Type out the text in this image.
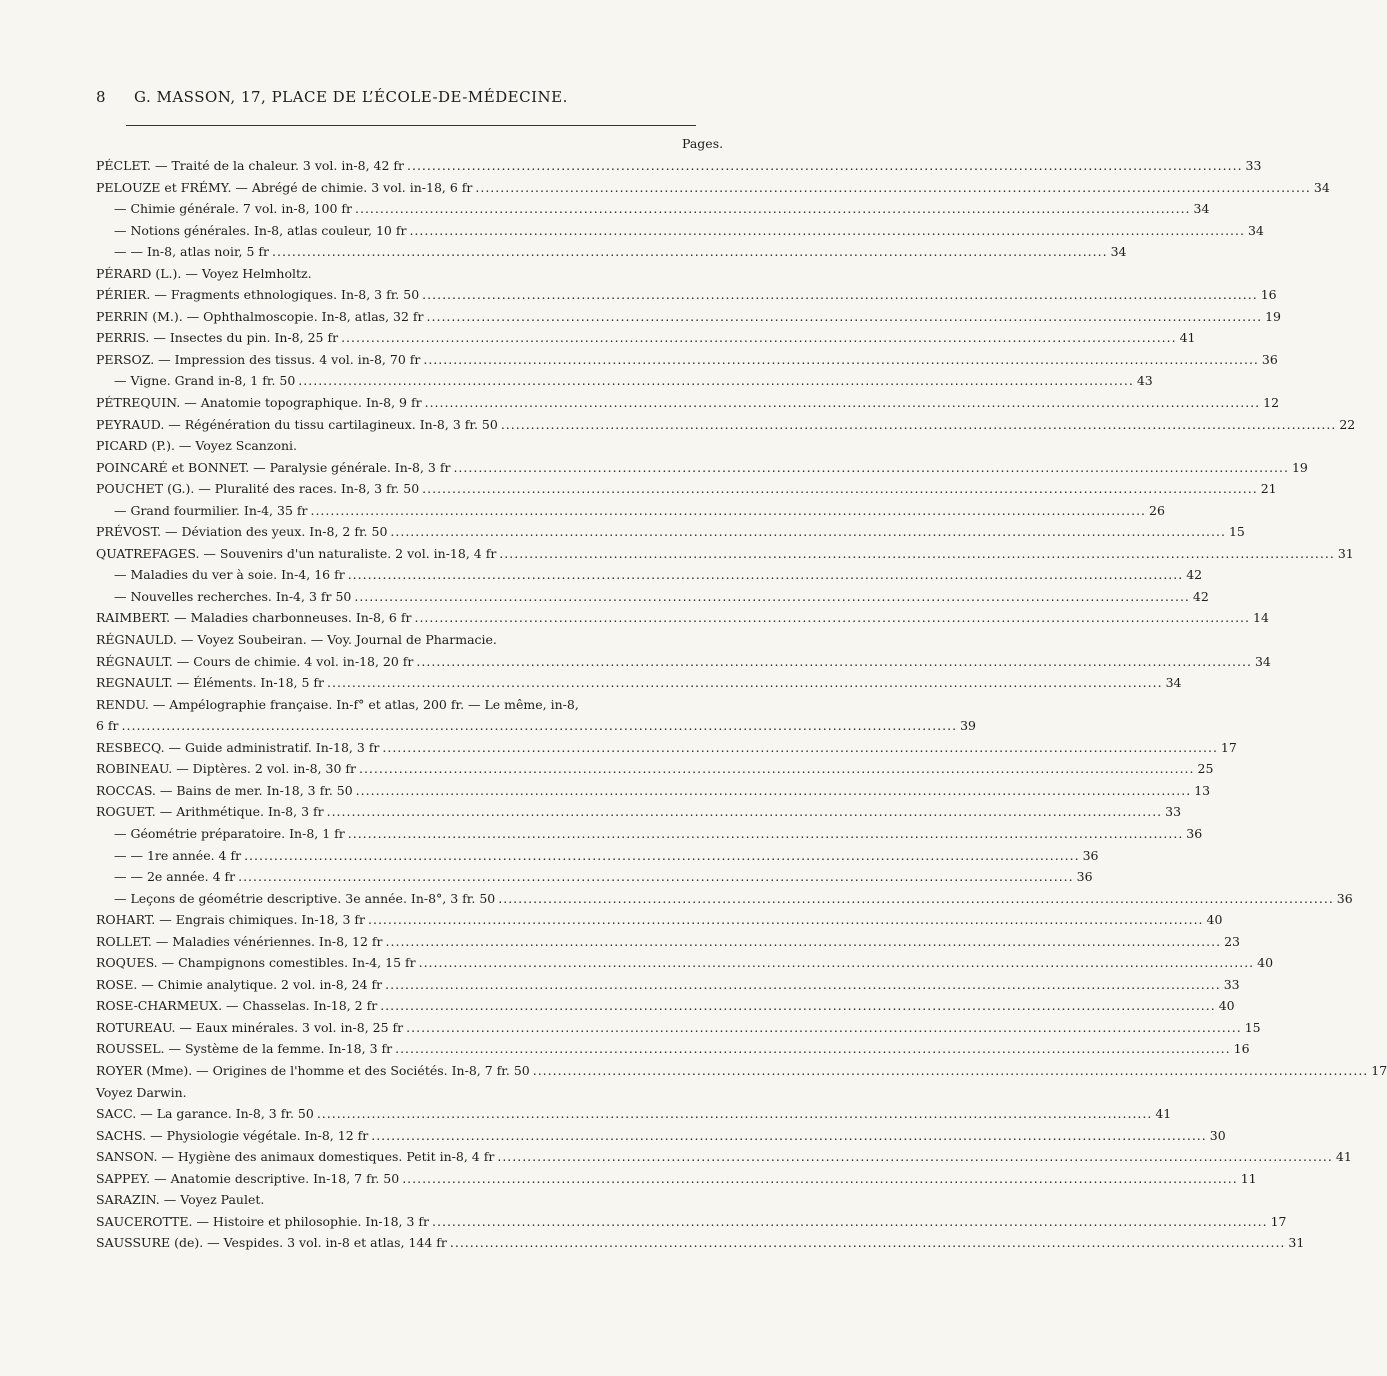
8	G. MASSON, 17, PLACE DE L’ÉCOLE-DE-MÉDECINE.
Pages.
PÉCLET. — Traité de la chaleur. 3 vol. in-8, 42 fr .....	33
PELOUZE et FRÉMY. — Abrégé de chimie. 3 vol. in-18, 6 fr .....	34
— Chimie générale. 7 vol. in-8, 100 fr .....	34
— Notions générales. In-8, atlas couleur, 10 fr .....	34
— — In-8, atlas noir, 5 fr .....	34
PÉRARD (L.). — Voyez Helmholtz.
PÉRIER. — Fragments ethnologiques. In-8, 3 fr. 50 .....	16
PERRIN (M.). — Ophthalmoscopie. In-8, atlas, 32 fr .....	19
PERRIS. — Insectes du pin. In-8, 25 fr .....	41
PERSOZ. — Impression des tissus. 4 vol. in-8, 70 fr .....	36
— Vigne. Grand in-8, 1 fr. 50 .....	43
PÉTREQUIN. — Anatomie topographique. In-8, 9 fr .....	12
PEYRAUD. — Régénération du tissu cartilagineux. In-8, 3 fr. 50 .....	22
PICARD (P.). — Voyez Scanzoni.
POINCARÉ et BONNET. — Paralysie générale. In-8, 3 fr .....	19
POUCHET (G.). — Pluralité des races. In-8, 3 fr. 50 .....	21
— Grand fourmilier. In-4, 35 fr .....	26
PRÉVOST. — Déviation des yeux. In-8, 2 fr. 50 .....	15
QUATREFAGES. — Souvenirs d'un naturaliste. 2 vol. in-18, 4 fr .....	31
— Maladies du ver à soie. In-4, 16 fr .....	42
— Nouvelles recherches. In-4, 3 fr 50 .....	42
RAIMBERT. — Maladies charbonneuses. In-8, 6 fr .....	14
RÉGNAULD. — Voyez Soubeiran. — Voy. Journal de Pharmacie.
RÉGNAULT. — Cours de chimie. 4 vol. in-18, 20 fr .....	34
REGNAULT. — Éléments. In-18, 5 fr .....	34
RENDU. — Ampélographie française. In-f° et atlas, 200 fr. — Le même, in-8,
6 fr .....	39
RESBECQ. — Guide administratif. In-18, 3 fr .....	17
ROBINEAU. — Diptères. 2 vol. in-8, 30 fr .....	25
ROCCAS. — Bains de mer. In-18, 3 fr. 50 .....	13
ROGUET. — Arithmétique. In-8, 3 fr .....	33
— Géométrie préparatoire. In-8, 1 fr .....	36
— — 1re année. 4 fr .....	36
— — 2e année. 4 fr .....	36
— Leçons de géométrie descriptive. 3e année. In-8°, 3 fr. 50 .....	36
ROHART. — Engrais chimiques. In-18, 3 fr .....	40
ROLLET. — Maladies vénériennes. In-8, 12 fr .....	23
ROQUES. — Champignons comestibles. In-4, 15 fr .....	40
ROSE. — Chimie analytique. 2 vol. in-8, 24 fr .....	33
ROSE-CHARMEUX. — Chasselas. In-18, 2 fr .....	40
ROTUREAU. — Eaux minérales. 3 vol. in-8, 25 fr .....	15
ROUSSEL. — Système de la femme. In-18, 3 fr .....	16
ROYER (Mme). — Origines de l'homme et des Sociétés. In-8, 7 fr. 50 .....	17
Voyez Darwin.
SACC. — La garance. In-8, 3 fr. 50 .....	41
SACHS. — Physiologie végétale. In-8, 12 fr .....	30
SANSON. — Hygiène des animaux domestiques. Petit in-8, 4 fr .....	41
SAPPEY. — Anatomie descriptive. In-18, 7 fr. 50 .....	11
SARAZIN. — Voyez Paulet.
SAUCEROTTE. — Histoire et philosophie. In-18, 3 fr .....	17
SAUSSURE (de). — Vespides. 3 vol. in-8 et atlas, 144 fr .....	31
